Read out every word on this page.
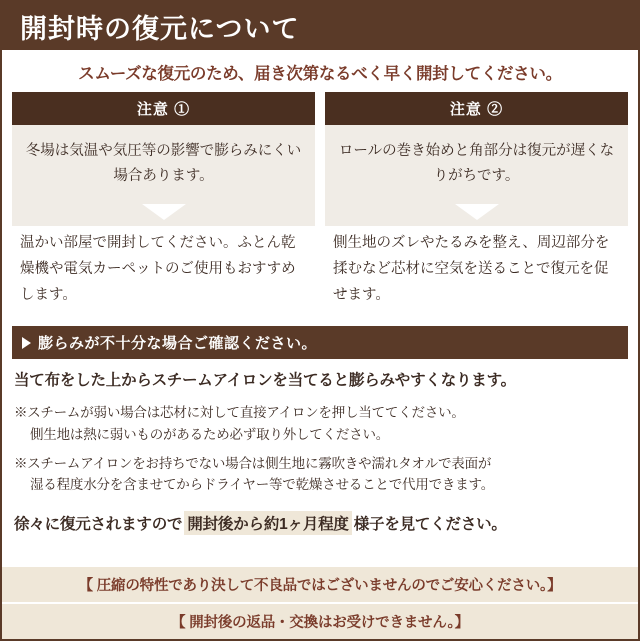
開封時の復元について
スムーズな復元のため、届き次第なるべく早く開封してください。
注意 ①
冬場は気温や気圧等の影響で膨らみにくい場合あります。
温かい部屋で開封してください。ふとん乾燥機や電気カーペットのご使用もおすすめします。
注意 ②
ロールの巻き始めと角部分は復元が遅くなりがちです。
側生地のズレやたるみを整え、周辺部分を揉むなど芯材に空気を送ることで復元を促せます。
膨らみが不十分な場合ご確認ください。
当て布をした上からスチームアイロンを当てると膨らみやすくなります。
※スチームが弱い場合は芯材に対して直接アイロンを押し当ててください。
側生地は熱に弱いものがあるため必ず取り外してください。
※スチームアイロンをお持ちでない場合は側生地に霧吹きや濡れタオルで表面が
湿る程度水分を含ませてからドライヤー等で乾燥させることで代用できます。
徐々に復元されますので 開封後から約1ヶ月程度 様子を見てください。
【 圧縮の特性であり決して不良品ではございませんのでご安心ください。】
【 開封後の返品・交換はお受けできません。】
